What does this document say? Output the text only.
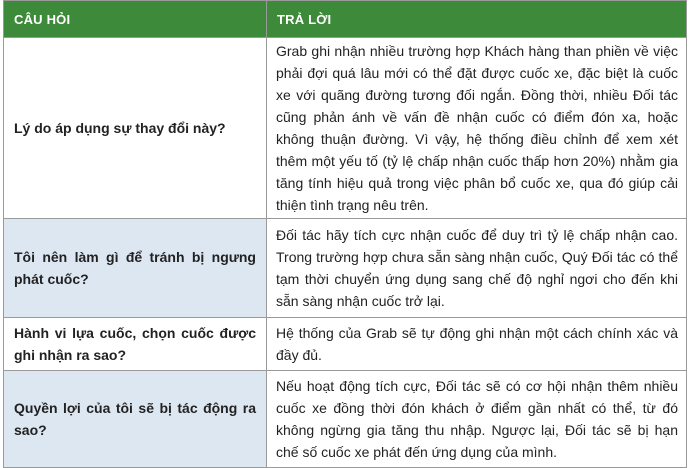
CÂU HỎI	TRẢ LỜI
Lý do áp dụng sự thay đổi này?	Grab ghi nhận nhiều trường hợp Khách hàng than phiền về việc phải đợi quá lâu mới có thể đặt được cuốc xe, đặc biệt là cuốc xe với quãng đường tương đối ngắn. Đồng thời, nhiều Đối tác cũng phản ánh về vấn đề nhận cuốc có điểm đón xa, hoặc không thuận đường. Vì vậy, hệ thống điều chỉnh để xem xét thêm một yếu tố (tỷ lệ chấp nhận cuốc thấp hơn 20%) nhằm gia tăng tính hiệu quả trong việc phân bổ cuốc xe, qua đó giúp cải thiện tình trạng nêu trên.
Tôi nên làm gì để tránh bị ngưng phát cuốc?	Đối tác hãy tích cực nhận cuốc để duy trì tỷ lệ chấp nhận cao. Trong trường hợp chưa sẵn sàng nhận cuốc, Quý Đối tác có thể tạm thời chuyển ứng dụng sang chế độ nghỉ ngơi cho đến khi sẵn sàng nhận cuốc trở lại.
Hành vi lựa cuốc, chọn cuốc được ghi nhận ra sao?	Hệ thống của Grab sẽ tự động ghi nhận một cách chính xác và đầy đủ.
Quyền lợi của tôi sẽ bị tác động ra sao?	Nếu hoạt động tích cực, Đối tác sẽ có cơ hội nhận thêm nhiều cuốc xe đồng thời đón khách ở điểm gần nhất có thể, từ đó không ngừng gia tăng thu nhập. Ngược lại, Đối tác sẽ bị hạn chế số cuốc xe phát đến ứng dụng của mình.
